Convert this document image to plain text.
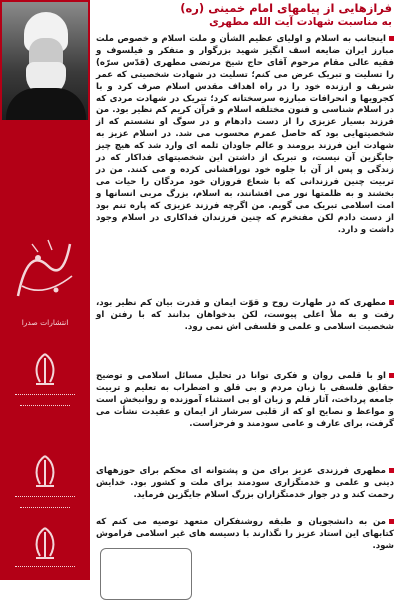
انتشارات صدرا
فرازهایی از پیامهای امام خمینی (ره)
به مناسبت شهادت آیت الله مطهری
اینجانب به اسلام و اولیای عظیم الشأن و ملت اسلام و خصوص ملت مبارز ایران ضایعه اسف انگیز شهید بزرگوار و متفکر و فیلسوف و فقیه عالی مقام مرحوم آقای حاج شیخ مرتضی مطهری (قدّس سرّه) را تسلیت و تبریک عرض می کنم؛ تسلیت در شهادت شخصیتی که عمر شریف و ارزنده خود را در راه اهداف مقدس اسلام صرف کرد و با کجرویها و انحرافات مبارزه سرسختانه کرد؛ تبریک در شهادت مردی که در اسلام شناسی و فنون مختلفه اسلام و قرآن کریم کم نظیر بود. من فرزند بسیار عزیزی را از دست دادهام و در سوگ او نشستم که از شخصیتهایی بود که حاصل عمرم محسوب می شد. در اسلام عزیز به شهادت این فرزند برومند و عالم جاودان ثلمه ای وارد شد که هیچ چیز جایگزین آن نیست، و تبریک از داشتن این شخصیتهای فداکار که در زندگی و پس از آن با جلوه خود نورافشانی کرده و می کنند. من در تربیت چنین فرزندانی که با شعاع فروزان خود مردگان را حیات می بخشند و به ظلمتها نور می افشانند، به اسلام، بزرگ مربی انسانها و امت اسلامی تبریک می گویم. من اگرچه فرزند عزیزی که پاره تنم بود از دست دادم لکن مفتخرم که چنین فرزندان فداکاری در اسلام وجود داشت و دارد.
مطهری که در طهارت روح و قوّت ایمان و قدرت بیان کم نظیر بود، رفت و به ملأ اعلی پیوست، لکن بدخواهان بدانند که با رفتن او شخصیت اسلامی و علمی و فلسفی اش نمی رود.
او با قلمی روان و فکری توانا در تحلیل مسائل اسلامی و توضیح حقایق فلسفی با زبان مردم و بی قلق و اضطراب به تعلیم و تربیت جامعه پرداخت، آثار قلم و زبان او بی استثناء آموزنده و روانبخش است و مواعظ و نصایح او که از قلبی سرشار از ایمان و عقیدت نشأت می گرفت، برای عارف و عامی سودمند و فرحزاست.
مطهری فرزندی عزیز برای من و پشتوانه ای محکم برای حوزههای دینی و علمی و خدمتگزاری سودمند برای ملت و کشور بود. خدایش رحمت کند و در جوار خدمتگزاران بزرگ اسلام جایگزین فرماید.
من به دانشجویان و طبقه روشنفکران متعهد توصیه می کنم که کتابهای این استاد عزیز را نگذارند با دسیسه های غیر اسلامی فراموش شود.
